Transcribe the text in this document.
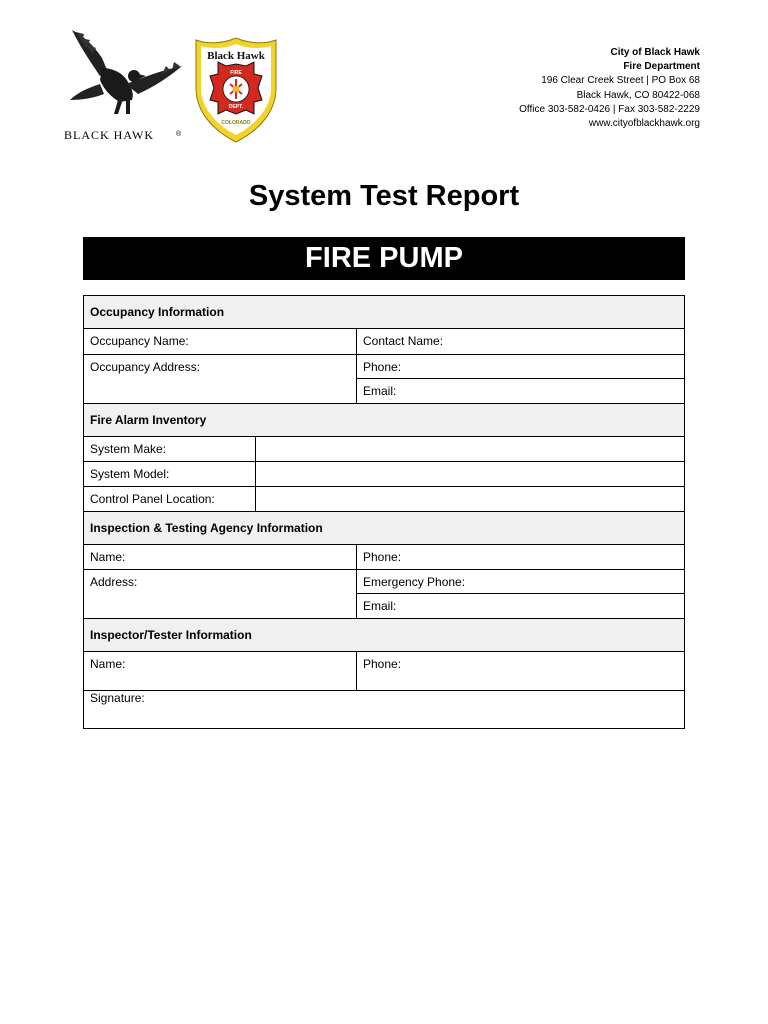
BLACK HAWK	®
Black Hawk
FIRE
DEPT.
COLORADO
City of Black Hawk
Fire Department
196 Clear Creek Street | PO Box 68
Black Hawk, CO 80422-068
Office 303-582-0426 | Fax 303-582-2229
www.cityofblackhawk.org
System Test Report
FIRE PUMP
Occupancy Information
Occupancy Name:	Contact Name:
Occupancy Address:	Phone:
Email:
Fire Alarm Inventory
System Make:
System Model:
Control Panel Location:
Inspection & Testing Agency Information
Name:	Phone:
Address:	Emergency Phone:
Email:
Inspector/Tester Information
Name:	Phone:
Signature:
